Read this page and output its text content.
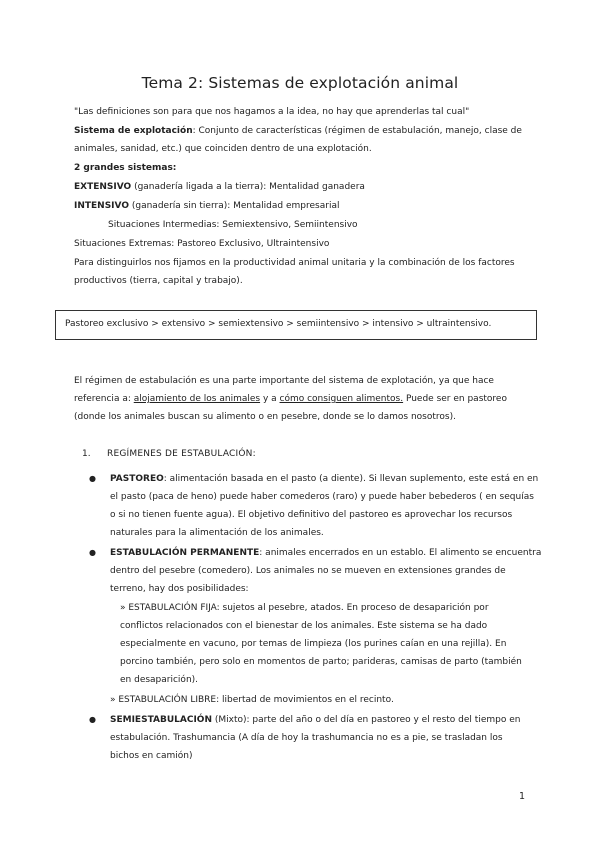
Tema 2: Sistemas de explotación animal
"Las definiciones son para que nos hagamos a la idea, no hay que aprenderlas tal cual"
Sistema de explotación: Conjunto de características (régimen de estabulación, manejo, clase de
animales, sanidad, etc.) que coinciden dentro de una explotación.
2 grandes sistemas:
EXTENSIVO (ganadería ligada a la tierra): Mentalidad ganadera
INTENSIVO (ganadería sin tierra): Mentalidad empresarial
Situaciones Intermedias: Semiextensivo, Semiintensivo
Situaciones Extremas: Pastoreo Exclusivo, Ultraintensivo
Para distinguirlos nos fijamos en la productividad animal unitaria y la combinación de los factores
productivos (tierra, capital y trabajo).
Pastoreo exclusivo > extensivo > semiextensivo > semiintensivo > intensivo > ultraintensivo.
El régimen de estabulación es una parte importante del sistema de explotación, ya que hace
referencia a: alojamiento de los animales y a cómo consiguen alimentos. Puede ser en pastoreo
(donde los animales buscan su alimento o en pesebre, donde se lo damos nosotros).
1. REGÍMENES DE ESTABULACIÓN:
● PASTOREO: alimentación basada en el pasto (a diente). Si llevan suplemento, este está en en
el pasto (paca de heno) puede haber comederos (raro) y puede haber bebederos ( en sequías
o si no tienen fuente agua). El objetivo definitivo del pastoreo es aprovechar los recursos
naturales para la alimentación de los animales.
● ESTABULACIÓN PERMANENTE: animales encerrados en un establo. El alimento se encuentra
dentro del pesebre (comedero). Los animales no se mueven en extensiones grandes de
terreno, hay dos posibilidades:
» ESTABULACIÓN FIJA: sujetos al pesebre, atados. En proceso de desaparición por
conflictos relacionados con el bienestar de los animales. Este sistema se ha dado
especialmente en vacuno, por temas de limpieza (los purines caían en una rejilla). En
porcino también, pero solo en momentos de parto; parideras, camisas de parto (también
en desaparición).
» ESTABULACIÓN LIBRE: libertad de movimientos en el recinto.
● SEMIESTABULACIÓN (Mixto): parte del año o del día en pastoreo y el resto del tiempo en
estabulación. Trashumancia (A día de hoy la trashumancia no es a pie, se trasladan los
bichos en camión)
1
